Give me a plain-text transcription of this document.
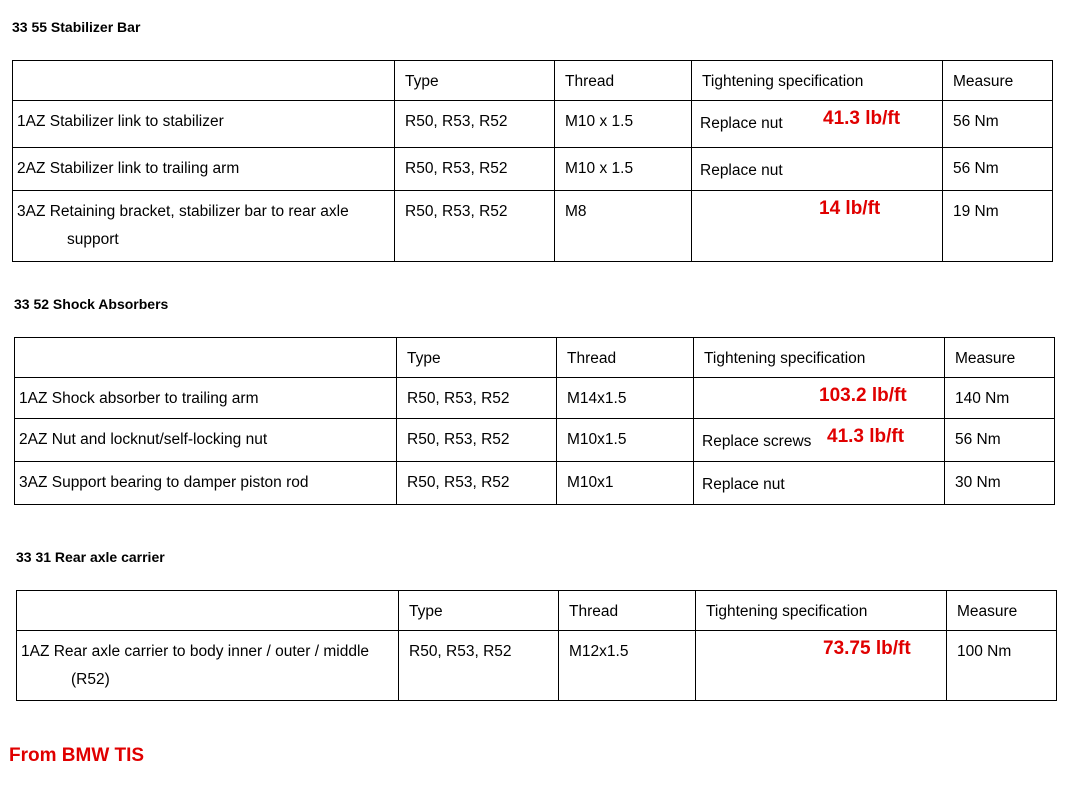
33 55 Stabilizer Bar
	Type	Thread	Tightening specification	Measure

1AZ Stabilizer link to stabilizer	R50, R53, R52	M10 x 1.5	Replace nut 41.3 lb/ft	56 Nm

2AZ Stabilizer link to trailing arm	R50, R53, R52	M10 x 1.5	Replace nut	56 Nm

3AZ Retaining bracket, stabilizer bar to rear axle
support	R50, R53, R52	M8	14 lb/ft	19 Nm
33 52 Shock Absorbers
	Type	Thread	Tightening specification	Measure

1AZ Shock absorber to trailing arm	R50, R53, R52	M14x1.5	103.2 lb/ft	140 Nm

2AZ Nut and locknut/self-locking nut	R50, R53, R52	M10x1.5	Replace screws 41.3 lb/ft	56 Nm

3AZ Support bearing to damper piston rod	R50, R53, R52	M10x1	Replace nut	30 Nm
33 31 Rear axle carrier
	Type	Thread	Tightening specification	Measure

1AZ Rear axle carrier to body inner / outer / middle
(R52)	R50, R53, R52	M12x1.5	73.75 lb/ft	100 Nm
From BMW TIS
